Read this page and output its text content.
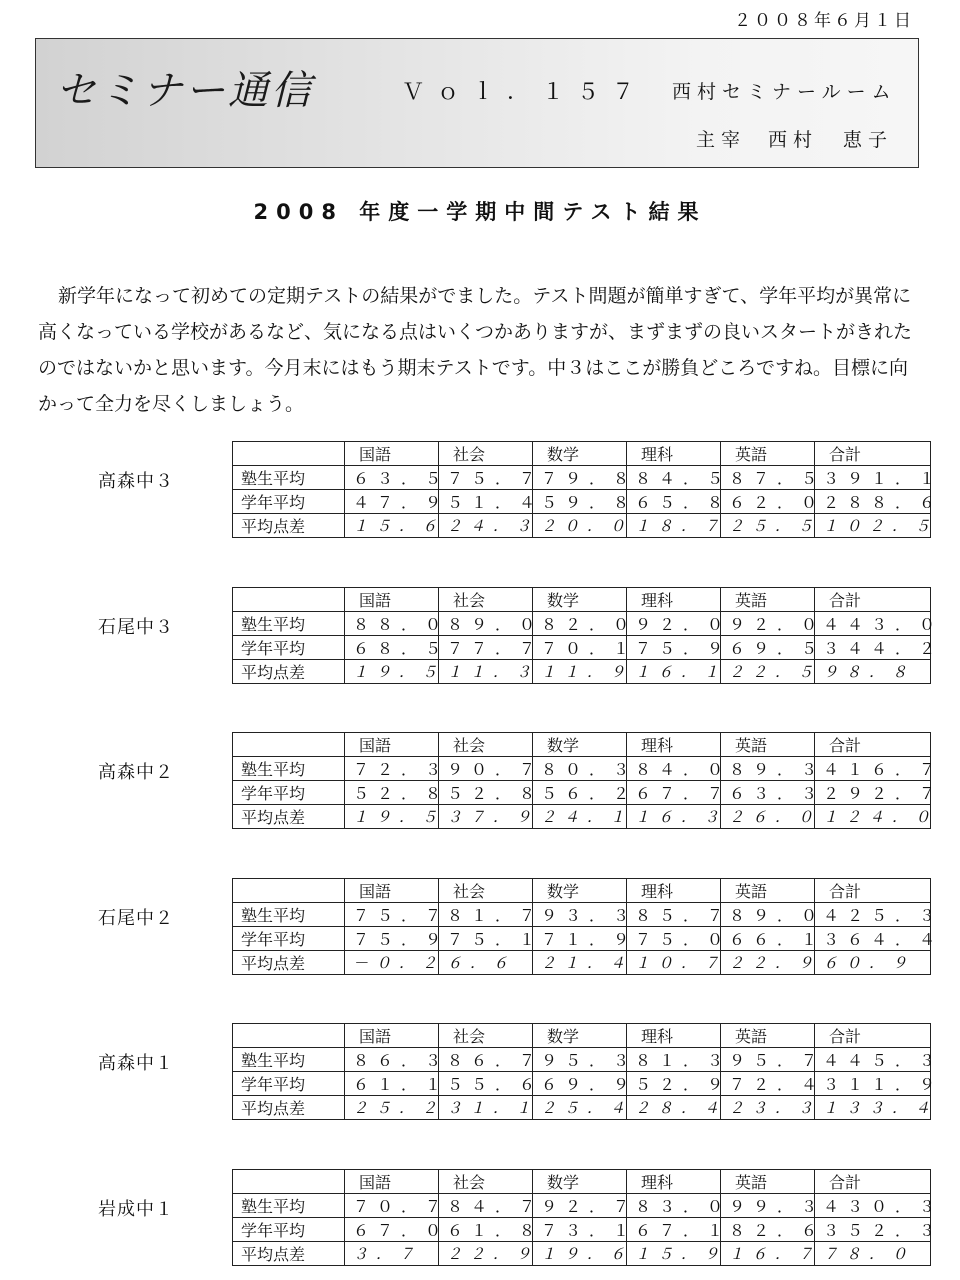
２００８年６月１日
セミナー通信	Ｖｏｌ．１５７ 西村セミナールーム
主宰 西村　恵子
2008 年度一学期中間テスト結果

新学年になって初めての定期テストの結果がでました。テスト問題が簡単すぎて、学年平均が異常に高くなっている学校があるなど、気になる点はいくつかありますが、まずまずの良いスタートがきれたのではないかと思います。今月末にはもう期末テストです。中３はここが勝負どころですね。目標に向かって全力を尽くしましょう。

高森中３
	国語	社会	数学	理科	英語	合計
塾生平均	６３．５	７５．７	７９．８	８４．５	８７．５	３９１．１
学年平均	４７．９	５１．４	５９．８	６５．８	６２．０	２８８．６
平均点差	１５．６	２４．３	２０．０	１８．７	２５．５	１０２．５
石尾中３
	国語	社会	数学	理科	英語	合計
塾生平均	８８．０	８９．０	８２．０	９２．０	９２．０	４４３．０
学年平均	６８．５	７７．７	７０．１	７５．９	６９．５	３４４．２
平均点差	１９．５	１１．３	１１．９	１６．１	２２．５	９８．８
高森中２
	国語	社会	数学	理科	英語	合計
塾生平均	７２．３	９０．７	８０．３	８４．０	８９．３	４１６．７
学年平均	５２．８	５２．８	５６．２	６７．７	６３．３	２９２．７
平均点差	１９．５	３７．９	２４．１	１６．３	２６．０	１２４．０
石尾中２
	国語	社会	数学	理科	英語	合計
塾生平均	７５．７	８１．７	９３．３	８５．７	８９．０	４２５．３
学年平均	７５．９	７５．１	７１．９	７５．０	６６．１	３６４．４
平均点差	－０．２	６．６	２１．４	１０．７	２２．９	６０．９
高森中１
	国語	社会	数学	理科	英語	合計
塾生平均	８６．３	８６．７	９５．３	８１．３	９５．７	４４５．３
学年平均	６１．１	５５．６	６９．９	５２．９	７２．４	３１１．９
平均点差	２５．２	３１．１	２５．４	２８．４	２３．３	１３３．４
岩成中１
	国語	社会	数学	理科	英語	合計
塾生平均	７０．７	８４．７	９２．７	８３．０	９９．３	４３０．３
学年平均	６７．０	６１．８	７３．１	６７．１	８２．６	３５２．３
平均点差	３．７	２２．９	１９．６	１５．９	１６．７	７８．０
